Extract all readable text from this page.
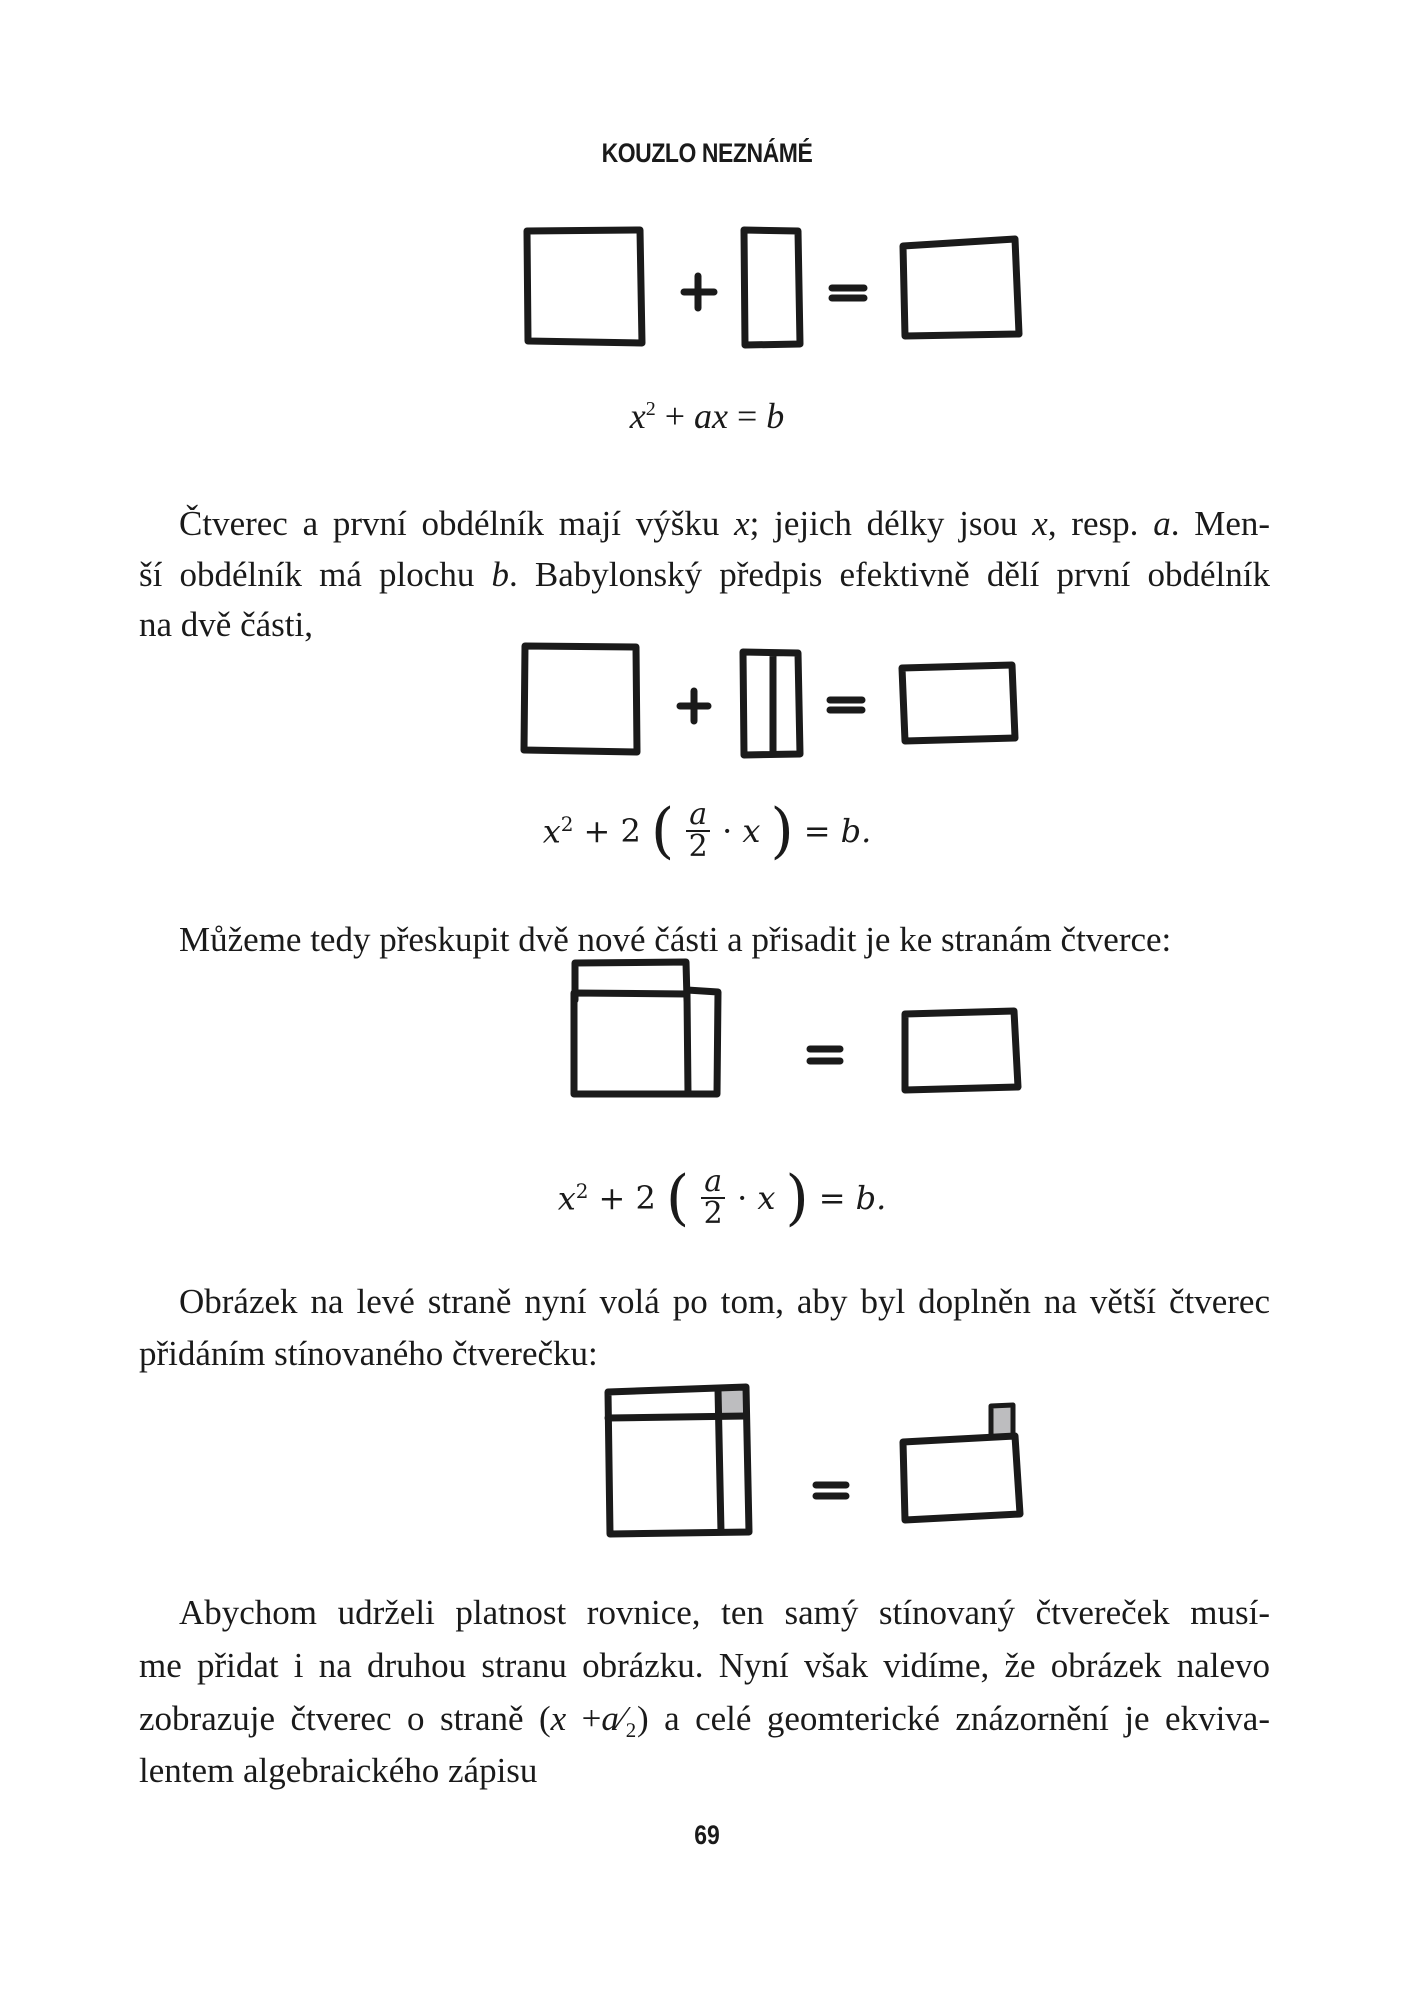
KOUZLO NEZNÁMÉ
$x^2$ + ax = b
$x^2 + 2$ ( $\frac{a}{2} \cdot x$ ) = b.
$x^2 + 2$ ( $\frac{a}{2} \cdot x$ ) = b.
Čtverec a první obdélník mají výšku x; jejich délky jsou x, resp. a. Men-
ší obdélník má plochu b. Babylonský předpis efektivně dělí první obdélník
na dvě části,
Můžeme tedy přeskupit dvě nové části a přisadit je ke stranám čtverce:
Obrázek na levé straně nyní volá po tom, aby byl doplněn na větší čtverec
přidáním stínovaného čtverečku:
Abychom udrželi platnost rovnice, ten samý stínovaný čtvereček musí-
me přidat i na druhou stranu obrázku. Nyní však vidíme, že obrázek nalevo
zobrazuje čtverec o straně (x +a⁄₂) a celé geomterické znázornění je ekviva-
lentem algebraického zápisu
69
